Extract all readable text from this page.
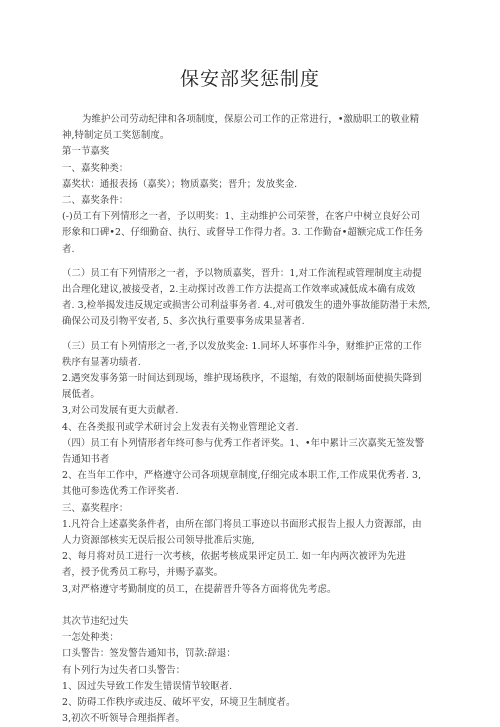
保安部奖惩制度
为维护公司劳动纪律和各项制度，保原公司工作的正常进行，•激励职工的敬业精
神,特制定员工奖惩制度。
第一节嘉奖
一、嘉奖种类：
嘉奖状：通报表扬（嘉奖）；物质嘉奖；晋升；发放奖金.
二、嘉奖条件：
(-)员工有下列情形之一者，予以明奖：1、主动维护公司荣誉，在客户中树立良好公司
形象和口碑•2、仔细勤奋、执行、或督导工作得力者。3. 工作勤奋•超额完成工作任务
者.
（二）员工有下列情形之一者，予以物质嘉奖，晋升：1,对工作流程或管理制度主动提
出合理化建议,被接受者，2.主动探讨改善工作方法提高工作效率或减低成本确有成效
者. 3,检举揭发违反规定或损害公司利益事务者. 4.,对可俄发生的遗外事故能防潜于未然,
确保公司及引物平安者, 5、多次执行重要事务成果显著者.
（三）员工有卜列情形之一者,予以发放奖金: 1.同坏人坏事作斗争，财维护正常的工作
秩序有显著功绩者.
2.遇突发事务第一时间达到现场，维护现场秩序，不退缩，有效的限制场面使损失降到
展低者。
3,对公司发展有更大贡献者.
4、在各类报刊或学术研讨会上发表有关物业管理论文者.
（四）员工有卜列情形者年终可参与优秀工作者评奖。1、•年中累计三次嘉奖无签发警
告通知书者
2、在当年工作中，严格遵守公司各项规章制度,仔细完成本职工作,工作成果优秀者. 3,
其他可参选优秀工作评奖者.
三、嘉奖程序：
1.凡符合上述嘉奖条件者，由所在部门将员工事迹以书面形式报告上报人力资源部，由
人力资源部核实无误后报公司领导批准后实施,
2、每月将对员工进行一次考核，依据考核成果评定员工. 如一年内两次被评为先进
者，授予优秀员工称号，并赐予嘉奖。
3,对严格遵守考勤制度的员工，在提薪晋升等各方面将优先考虑。
其次节违纪过失
一怎处种类：
口头警告：签发警告通知书，罚款:辞退：
有卜列行为过失者口头警告：
1、因过失导致工作发生错误情节较眍者.
2、防碍工作秩序或违反、破坏平安，环境卫生制度者。
3,初次不听领导合理指挥者。
